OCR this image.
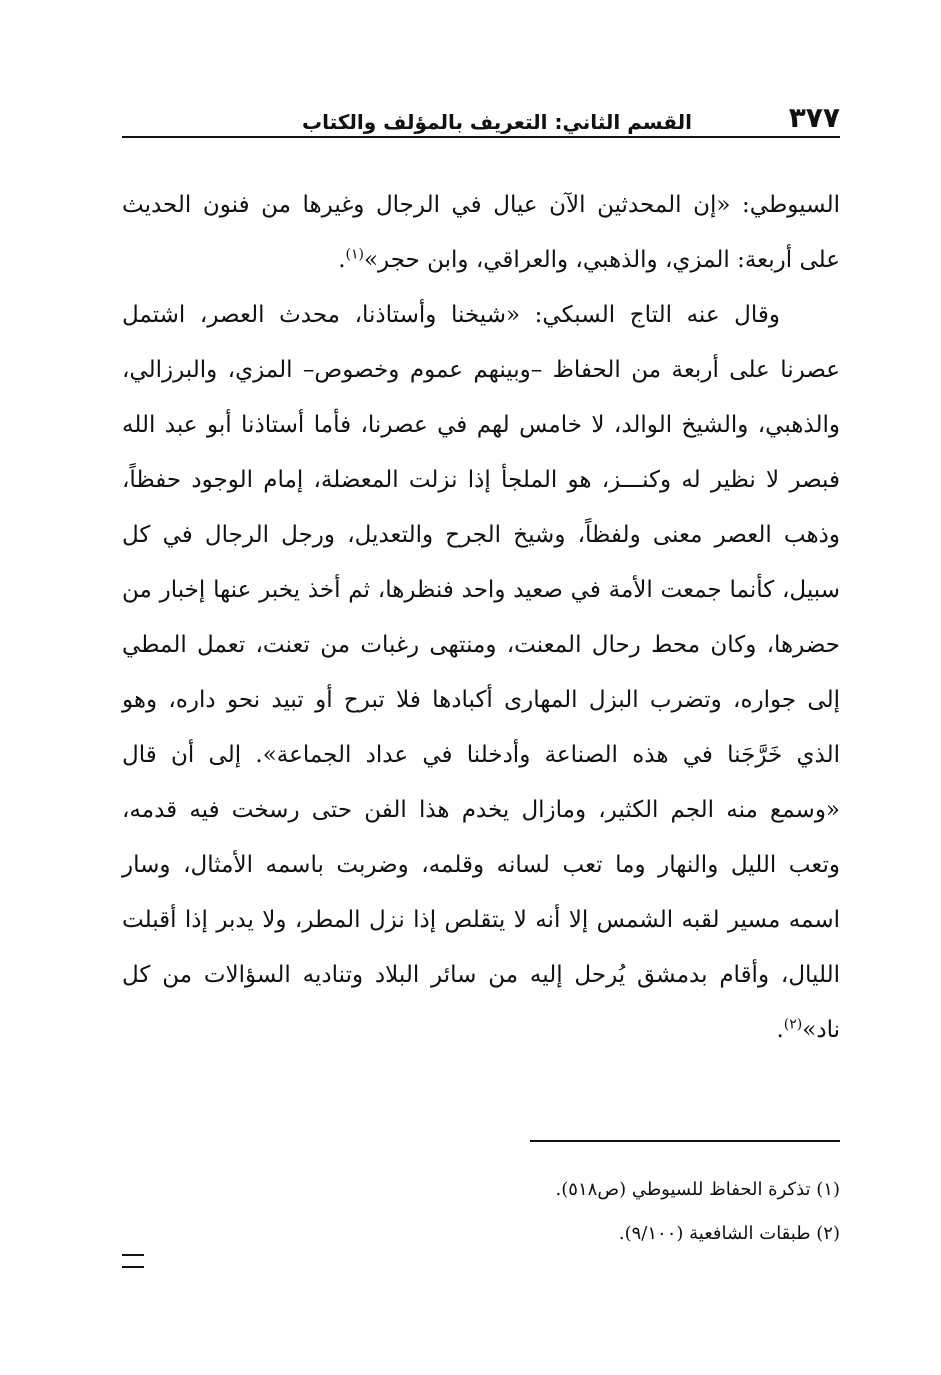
٣٧٧
القسم الثاني: التعريف بالمؤلف والكتاب

السيوطي: «إن المحدثين الآن عيال في الرجال وغيرها من فنون الحديث على أربعة: المزي، والذهبي، والعراقي، وابن حجر»$^{(١)}$.

وقال عنه التاج السبكي: «شيخنا وأستاذنا، محدث العصر، اشتمل عصرنا على أربعة من الحفاظ –وبينهم عموم وخصوص– المزي، والبرزالي، والذهبي، والشيخ الوالد، لا خامس لهم في عصرنا، فأما أستاذنا أبو عبد الله فبصر لا نظير له وكنـــز، هو الملجأ إذا نزلت المعضلة، إمام الوجود حفظاً، وذهب العصر معنى ولفظاً، وشيخ الجرح والتعديل، ورجل الرجال في كل سبيل، كأنما جمعت الأمة في صعيد واحد فنظرها، ثم أخذ يخبر عنها إخبار من حضرها، وكان محط رحال المعنت، ومنتهى رغبات من تعنت، تعمل المطي إلى جواره، وتضرب البزل المهارى أكبادها فلا تبرح أو تبيد نحو داره، وهو الذي خَرَّجَنا في هذه الصناعة وأدخلنا في عداد الجماعة». إلى أن قال «وسمع منه الجم الكثير، ومازال يخدم هذا الفن حتى رسخت فيه قدمه، وتعب الليل والنهار وما تعب لسانه وقلمه، وضربت باسمه الأمثال، وسار اسمه مسير لقبه الشمس إلا أنه لا يتقلص إذا نزل المطر، ولا يدبر إذا أقبلت الليال، وأقام بدمشق يُرحل إليه من سائر البلاد وتناديه السؤالات من كل ناد»$^{(٢)}$.

(١) تذكرة الحفاظ للسيوطي (ص٥١٨).
(٢) طبقات الشافعية (٩/١٠٠).
